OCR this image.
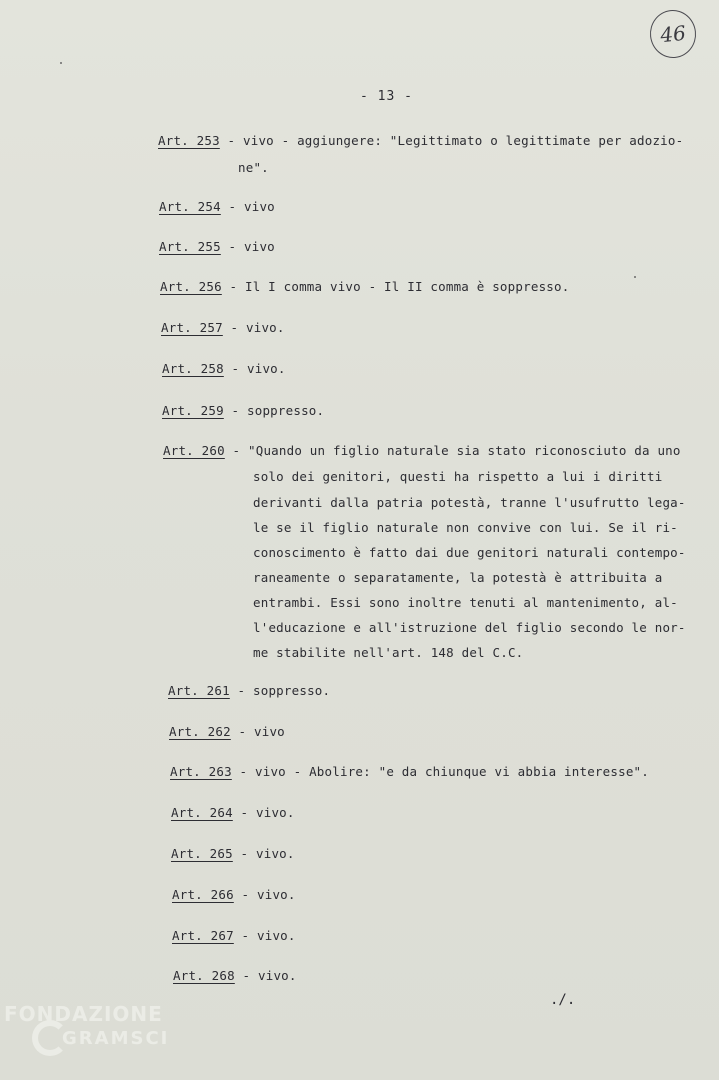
46
- 13 -
Art. 253 - vivo - aggiungere: "Legittimato o legittimate per adozio-
ne".
Art. 254 - vivo
Art. 255 - vivo
Art. 256 - Il I comma vivo - Il II comma è soppresso.
Art. 257 - vivo.
Art. 258 - vivo.
Art. 259 - soppresso.
Art. 260 - "Quando un figlio naturale sia stato riconosciuto da uno
solo dei genitori, questi ha rispetto a lui i diritti
derivanti dalla patria potestà, tranne l'usufrutto lega-
le se il figlio naturale non convive con lui. Se il ri-
conoscimento è fatto dai due genitori naturali contempo-
raneamente o separatamente, la potestà è attribuita a
entrambi. Essi sono inoltre tenuti al mantenimento, al-
l'educazione e all'istruzione del figlio secondo le nor-
me stabilite nell'art. 148 del C.C.
Art. 261 - soppresso.
Art. 262 - vivo
Art. 263 - vivo - Abolire: "e da chiunque vi abbia interesse".
Art. 264 - vivo.
Art. 265 - vivo.
Art. 266 - vivo.
Art. 267 - vivo.
Art. 268 - vivo.
./.
FONDAZIONE
GRAMSCI
